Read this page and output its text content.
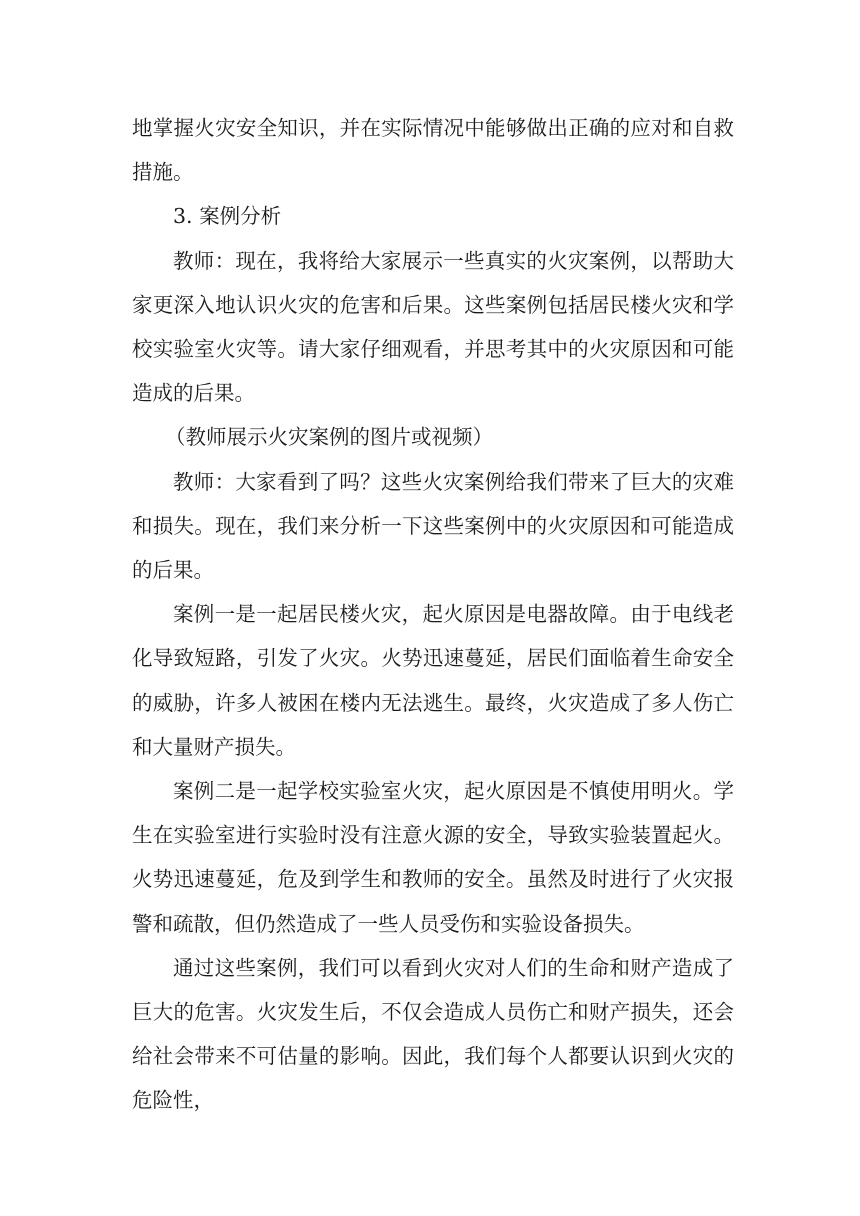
地掌握火灾安全知识，并在实际情况中能够做出正确的应对和自救措施。

3. 案例分析

教师：现在，我将给大家展示一些真实的火灾案例，以帮助大家更深入地认识火灾的危害和后果。这些案例包括居民楼火灾和学校实验室火灾等。请大家仔细观看，并思考其中的火灾原因和可能造成的后果。

（教师展示火灾案例的图片或视频）

教师：大家看到了吗？这些火灾案例给我们带来了巨大的灾难和损失。现在，我们来分析一下这些案例中的火灾原因和可能造成的后果。

案例一是一起居民楼火灾，起火原因是电器故障。由于电线老化导致短路，引发了火灾。火势迅速蔓延，居民们面临着生命安全的威胁，许多人被困在楼内无法逃生。最终，火灾造成了多人伤亡和大量财产损失。

案例二是一起学校实验室火灾，起火原因是不慎使用明火。学生在实验室进行实验时没有注意火源的安全，导致实验装置起火。火势迅速蔓延，危及到学生和教师的安全。虽然及时进行了火灾报警和疏散，但仍然造成了一些人员受伤和实验设备损失。

通过这些案例，我们可以看到火灾对人们的生命和财产造成了巨大的危害。火灾发生后，不仅会造成人员伤亡和财产损失，还会给社会带来不可估量的影响。因此，我们每个人都要认识到火灾的危险性，
